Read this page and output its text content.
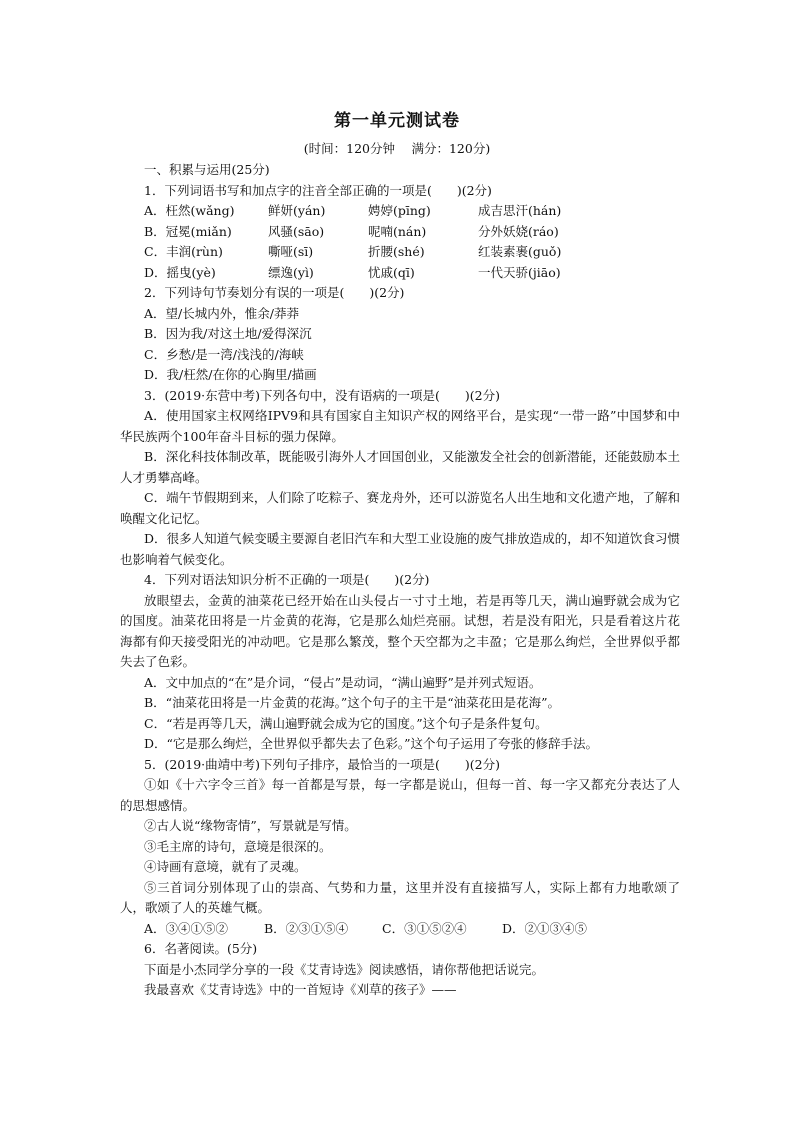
第一单元测试卷
(时间：120分钟　 满分：120分)
一、积累与运用(25分)
1．下列词语书写和加点字的注音全部正确的一项是(　　)(2分)
A．枉然(wǎng)	鲜妍(yán)	娉婷(pīng)	成吉思汗(hán)
B．冠冕(miǎn)	风骚(sāo)	呢喃(nán)	分外妖娆(ráo)
C．丰润(rùn)	嘶哑(sī)	折腰(shé)	红装素裹(guǒ)
D．摇曳(yè)	缥逸(yì)	忧戚(qī)	一代天骄(jiāo)
2．下列诗句节奏划分有误的一项是(　　)(2分)
A．望/长城内外，惟余/莽莽
B．因为我/对这土地/爱得深沉
C．乡愁/是一湾/浅浅的/海峡
D．我/枉然/在你的心胸里/描画
3．(2019·东营中考)下列各句中，没有语病的一项是(　　)(2分)
A．使用国家主权网络IPV9和具有国家自主知识产权的网络平台，是实现“一带一路”中国梦和中华民族两个100年奋斗目标的强力保障。
B．深化科技体制改革，既能吸引海外人才回国创业，又能激发全社会的创新潜能，还能鼓励本土人才勇攀高峰。
C．端午节假期到来，人们除了吃粽子、赛龙舟外，还可以游览名人出生地和文化遗产地，了解和唤醒文化记忆。
D．很多人知道气候变暖主要源自老旧汽车和大型工业设施的废气排放造成的，却不知道饮食习惯也影响着气候变化。
4．下列对语法知识分析不正确的一项是(　　)(2分)
放眼望去，金黄的油菜花已经开始在山头侵占一寸寸土地，若是再等几天，满山遍野就会成为它的国度。油菜花田将是一片金黄的花海，它是那么灿烂亮丽。试想，若是没有阳光，只是看着这片花海都有仰天接受阳光的冲动吧。它是那么繁茂，整个天空都为之丰盈；它是那么绚烂，全世界似乎都失去了色彩。
A．文中加点的“在”是介词，“侵占”是动词，“满山遍野”是并列式短语。
B．“油菜花田将是一片金黄的花海。”这个句子的主干是“油菜花田是花海”。
C．“若是再等几天，满山遍野就会成为它的国度。”这个句子是条件复句。
D．“它是那么绚烂，全世界似乎都失去了色彩。”这个句子运用了夸张的修辞手法。
5．(2019·曲靖中考)下列句子排序，最恰当的一项是(　　)(2分)
①如《十六字令三首》每一首都是写景，每一字都是说山，但每一首、每一字又都充分表达了人的思想感情。
②古人说“缘物寄情”，写景就是写情。
③毛主席的诗句，意境是很深的。
④诗画有意境，就有了灵魂。
⑤三首词分别体现了山的崇高、气势和力量，这里并没有直接描写人，实际上都有力地歌颂了人，歌颂了人的英雄气概。
A．③④①⑤②	B．②③①⑤④	C．③①⑤②④	D．②①③④⑤
6．名著阅读。(5分)
下面是小杰同学分享的一段《艾青诗选》阅读感悟，请你帮他把话说完。
我最喜欢《艾青诗选》中的一首短诗《刈草的孩子》——
